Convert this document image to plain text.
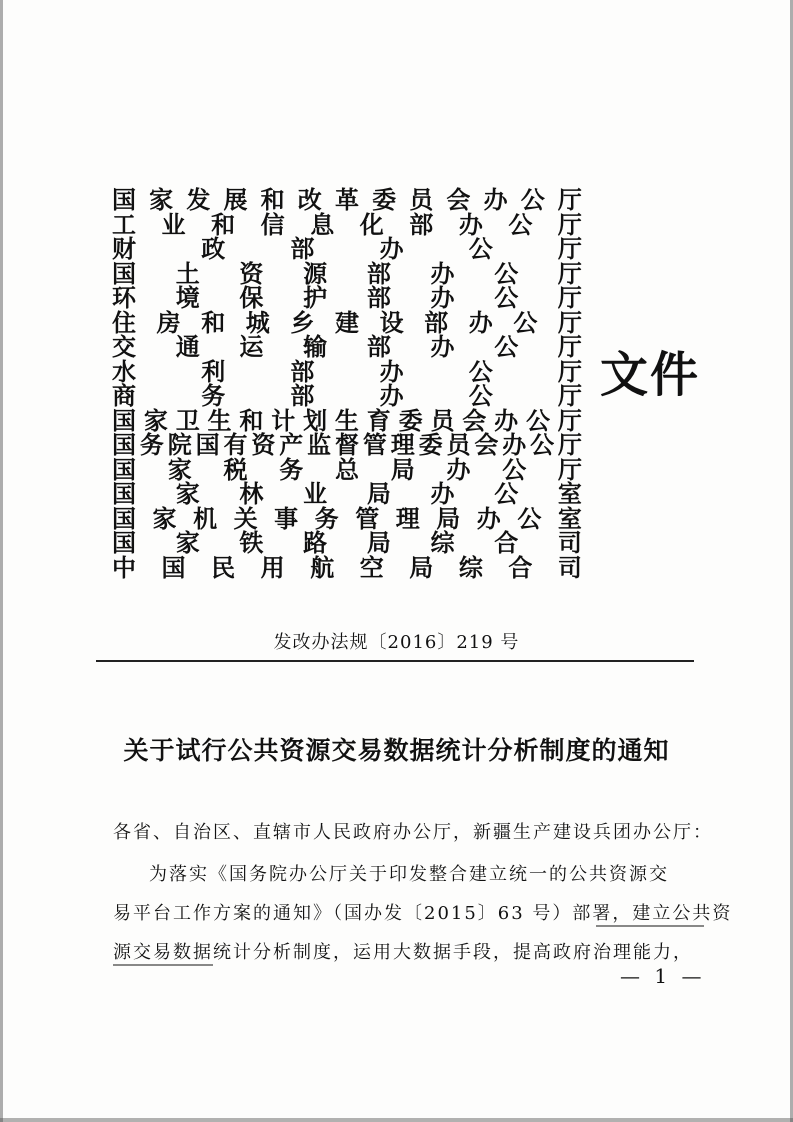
国 家 发 展 和 改 革 委 员 会 办 公 厅
工 业 和 信 息 化 部 办 公 厅
财	政	部	办	公	厅
国 土 资 源 部 办 公 厅
环 境 保 护 部 办 公 厅
住 房 和 城 乡 建 设 部 办 公 厅
交 通 运 输 部 办 公 厅
水	利	部	办	公	厅
商	务	部	办	公	厅
国 家 卫 生 和 计 划 生 育 委 员 会 办 公 厅
国 务 院 国 有 资 产 监 督 管 理 委 员 会 办 公 厅
国 家 税 务 总 局 办 公 厅
国 家 林 业 局 办 公 室
国 家 机 关 事 务 管 理 局 办 公 室
国 家 铁 路 局 综 合 司
中 国 民 用 航 空 局 综 合 司
文件
发改办法规〔2016〕219 号
关于试行公共资源交易数据统计分析制度的通知
各省、自治区、直辖市人民政府办公厅，新疆生产建设兵团办公厅：
为落实《国务院办公厅关于印发整合建立统一的公共资源交
易平台工作方案的通知》（国办发〔2015〕63 号）部署，建立公共资
源交易数据统计分析制度，运用大数据手段，提高政府治理能力，
— 1 —
